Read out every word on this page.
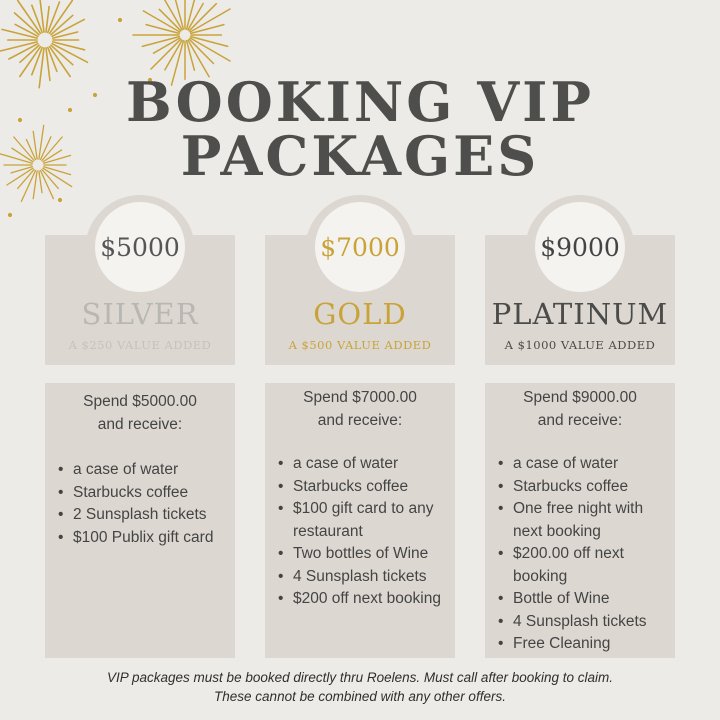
BOOKING VIP
PACKAGES
$5000
SILVER
A $250 VALUE ADDED
$7000
GOLD
A $500 VALUE ADDED
$9000
PLATINUM
A $1000 VALUE ADDED
Spend $5000.00
and receive:
• a case of water
• Starbucks coffee
• 2 Sunsplash tickets
• $100 Publix gift card
Spend $7000.00
and receive:
• a case of water
• Starbucks coffee
• $100 gift card to any restaurant
• Two bottles of Wine
• 4 Sunsplash tickets
• $200 off next booking
Spend $9000.00
and receive:
• a case of water
• Starbucks coffee
• One free night with next booking
• $200.00 off next booking
• Bottle of Wine
• 4 Sunsplash tickets
• Free Cleaning
VIP packages must be booked directly thru Roelens. Must call after booking to claim.
These cannot be combined with any other offers.
